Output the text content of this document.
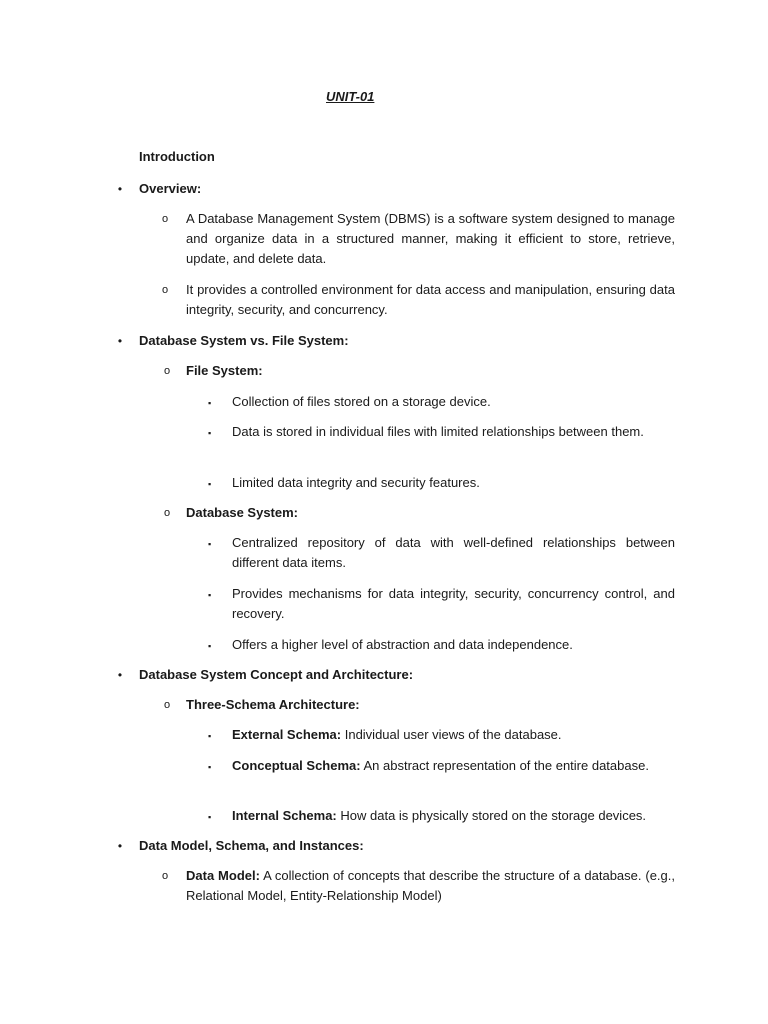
UNIT-01
Introduction
• Overview:
o A Database Management System (DBMS) is a software system designed to manage and organize data in a structured manner, making it efficient to store, retrieve, update, and delete data.
o It provides a controlled environment for data access and manipulation, ensuring data integrity, security, and concurrency.
• Database System vs. File System:
o File System:
▪	Collection of files stored on a storage device.
▪	Data is stored in individual files with limited relationships between them.
▪	Limited data integrity and security features.
o Database System:
▪	Centralized repository of data with well-defined relationships between different data items.
▪	Provides mechanisms for data integrity, security, concurrency control, and recovery.
▪	Offers a higher level of abstraction and data independence.
• Database System Concept and Architecture:
o Three-Schema Architecture:
▪	External Schema: Individual user views of the database.
▪	Conceptual Schema: An abstract representation of the entire database.
▪	Internal Schema: How data is physically stored on the storage devices.
• Data Model, Schema, and Instances:
o Data Model: A collection of concepts that describe the structure of a database. (e.g., Relational Model, Entity-Relationship Model)
